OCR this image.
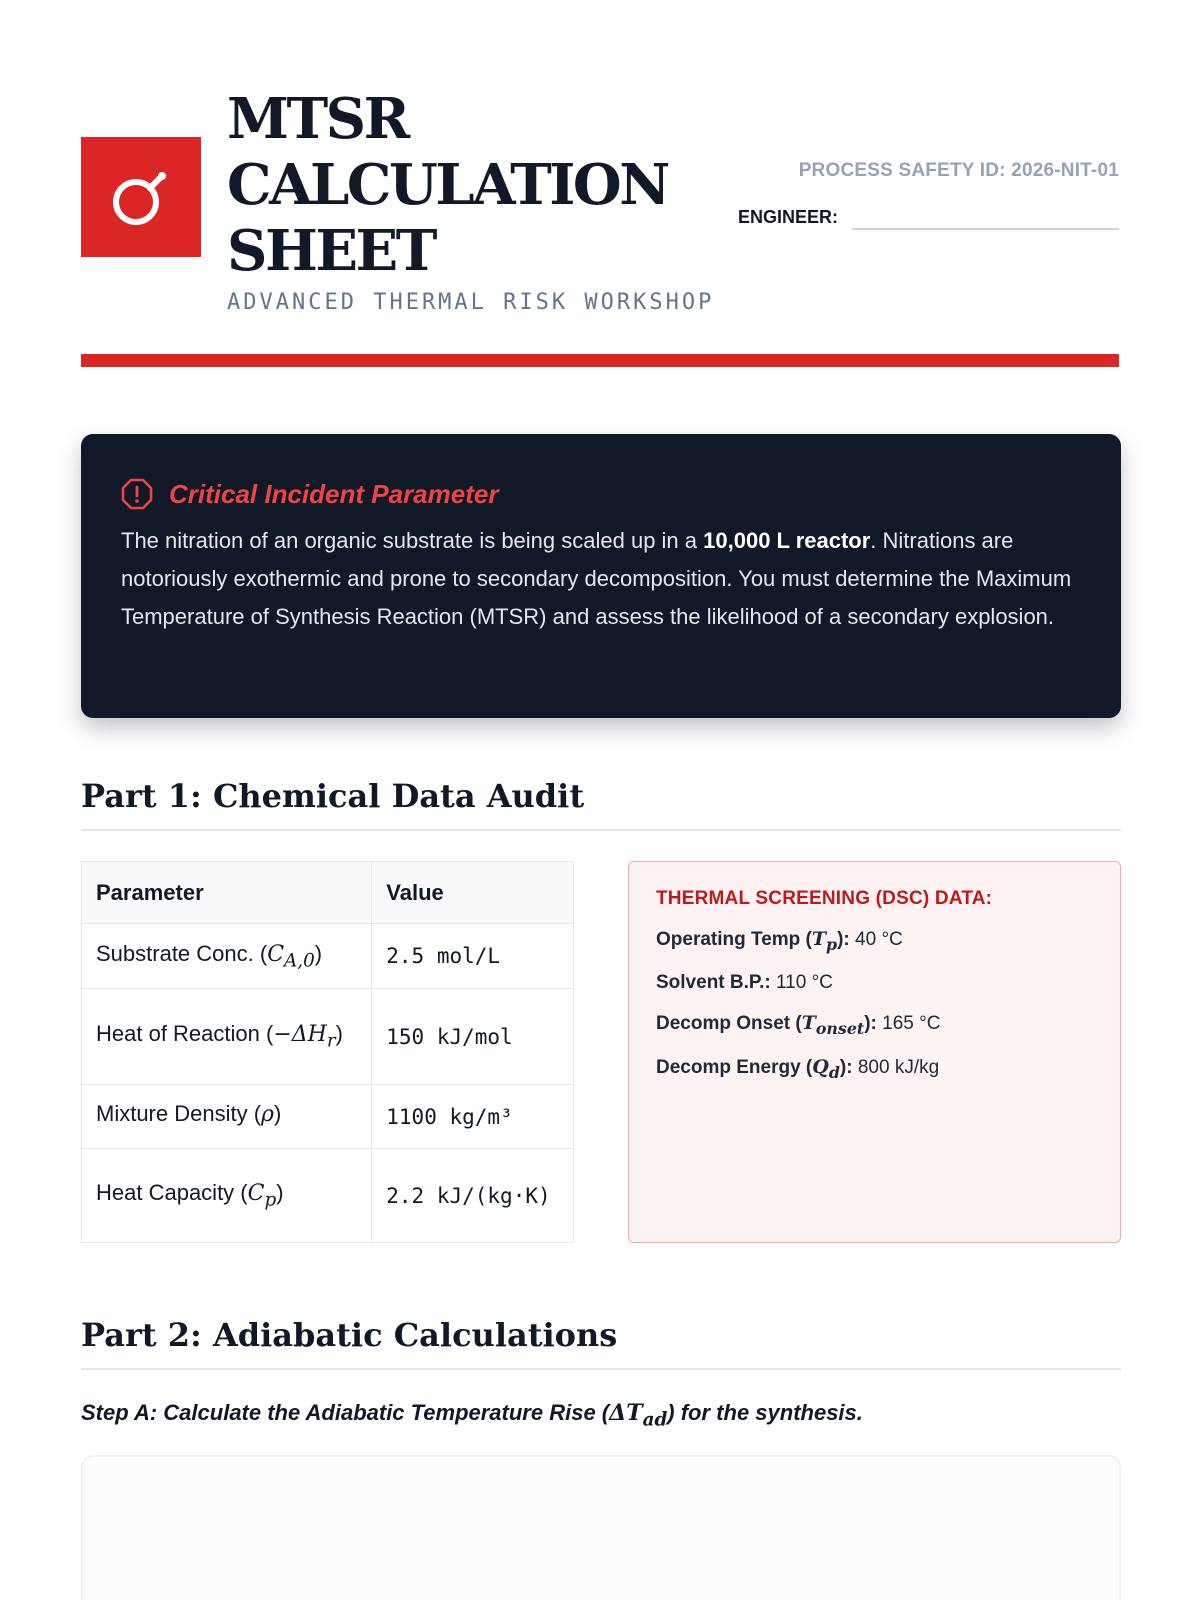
MTSR CALCULATION SHEET
ADVANCED THERMAL RISK WORKSHOP
PROCESS SAFETY ID: 2026-NIT-01
ENGINEER:
Critical Incident Parameter
The nitration of an organic substrate is being scaled up in a 10,000 L reactor. Nitrations are notoriously exothermic and prone to secondary decomposition. You must determine the Maximum Temperature of Synthesis Reaction (MTSR) and assess the likelihood of a secondary explosion.
Part 1: Chemical Data Audit
Parameter	Value
Substrate Conc. $(C_{A,0})$	2.5 mol/L
Heat of Reaction $(-\Delta H_r)$	150 kJ/mol
Mixture Density (ρ)	1100 kg/m³
Heat Capacity $(C_p)$	2.2 kJ/(kg·K)
THERMAL SCREENING (DSC) DATA:
Operating Temp $(T_p)$: 40 °C
Solvent B.P.: 110 °C
Decomp Onset $(T_{onset})$: 165 °C
Decomp Energy $(Q_d)$: 800 kJ/kg
Part 2: Adiabatic Calculations
Step A: Calculate the Adiabatic Temperature Rise $(\Delta T_{ad})$ for the synthesis.
